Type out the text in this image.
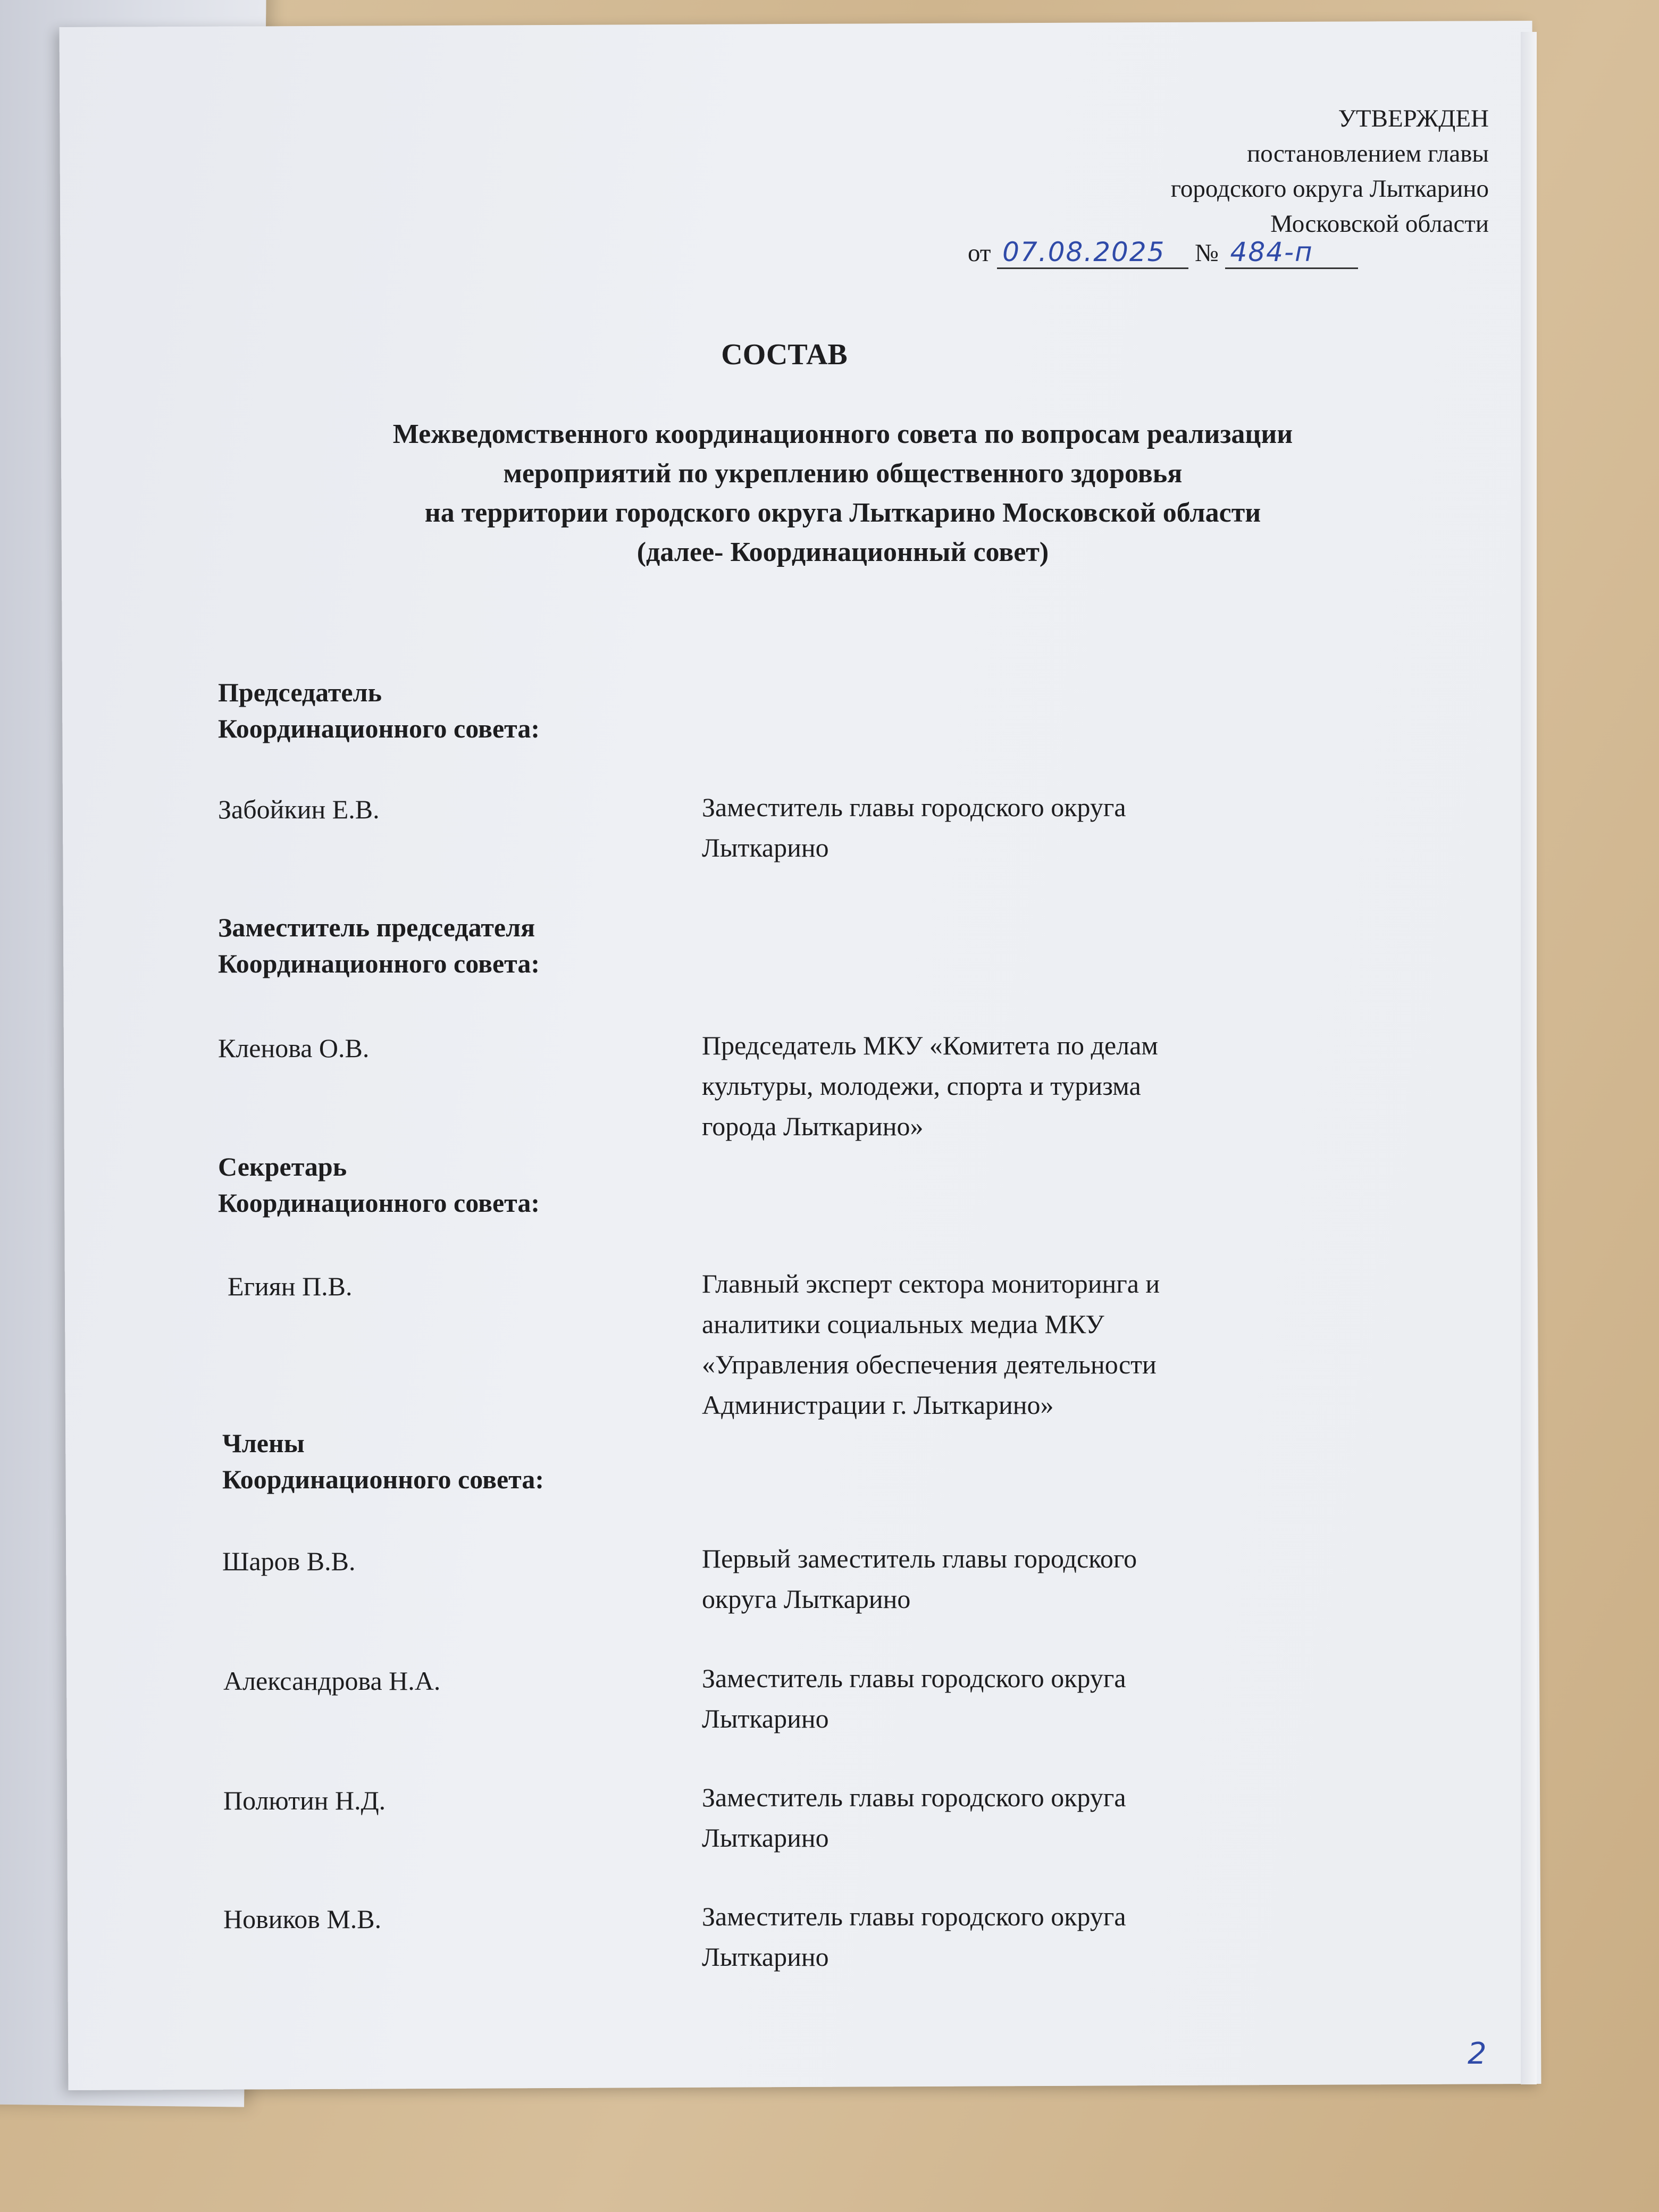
УТВЕРЖДЕН
постановлением главы
городского округа Лыткарино
Московской области
от 07.08.2025 № 484-п
СОСТАВ
Межведомственного координационного совета по вопросам реализации
мероприятий по укреплению общественного здоровья
на территории городского округа Лыткарино Московской области
(далее- Координационный совет)
Председатель
Координационного совета:
Забойкин Е.В.	Заместитель главы городского округа
Лыткарино
Заместитель председателя
Координационного совета:
Кленова О.В.	Председатель МКУ «Комитета по делам
культуры, молодежи, спорта и туризма
города Лыткарино»
Секретарь
Координационного совета:
Егиян П.В.	Главный эксперт сектора мониторинга и
аналитики социальных медиа МКУ
«Управления обеспечения деятельности
Администрации г. Лыткарино»
Члены
Координационного совета:
Шаров В.В.	Первый заместитель главы городского
округа Лыткарино
Александрова Н.А.	Заместитель главы городского округа
Лыткарино
Полютин Н.Д.	Заместитель главы городского округа
Лыткарино
Новиков М.В.	Заместитель главы городского округа
Лыткарино
2
